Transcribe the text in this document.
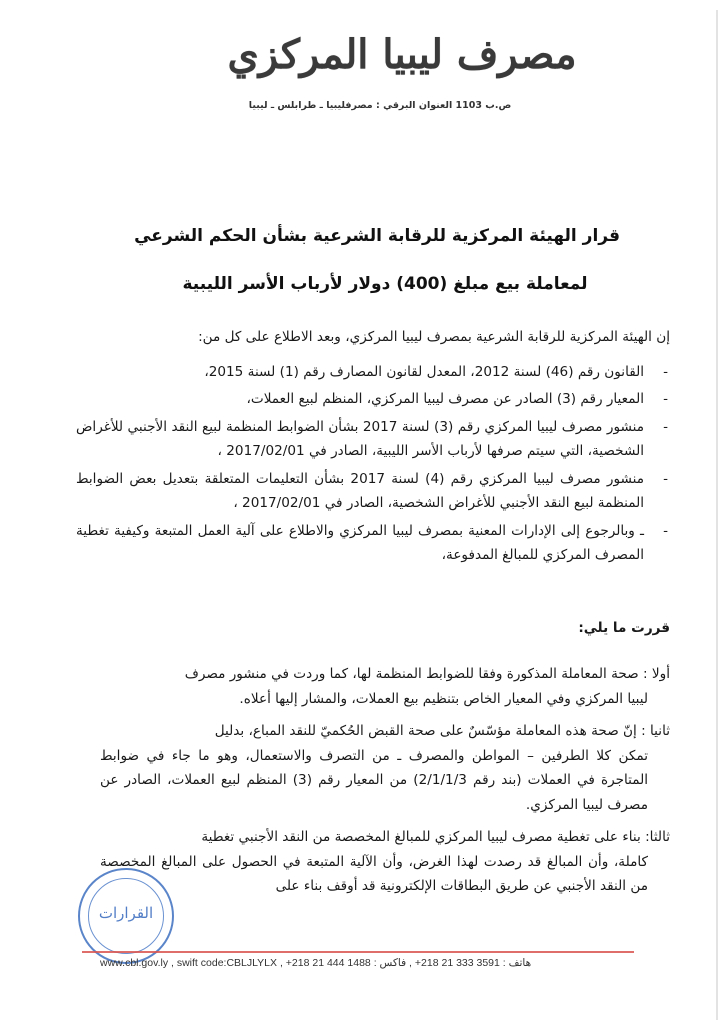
مصرف ليبيا المركزي
ص.ب 1103 العنوان البرقي : مصرفليبيا ـ طرابلس ـ ليبيا
قرار الهيئة المركزية للرقابة الشرعية بشأن الحكم الشرعي
لمعاملة بيع مبلغ (400) دولار لأرباب الأسر الليبية

إن الهيئة المركزية للرقابة الشرعية بمصرف ليبيا المركزي، وبعد الاطلاع على كل من:

-
القانون رقم (46) لسنة 2012، المعدل لقانون المصارف رقم (1) لسنة 2015،
-
المعيار رقم (3) الصادر عن مصرف ليبيا المركزي، المنظم لبيع العملات،
-
منشور مصرف ليبيا المركزي رقم (3) لسنة 2017 بشأن الضوابط المنظمة لبيع النقد الأجنبي للأغراض الشخصية، التي سيتم صرفها لأرباب الأسر الليبية، الصادر في 2017/02/01 ،
-
منشور مصرف ليبيا المركزي رقم (4) لسنة 2017 بشأن التعليمات المتعلقة بتعديل بعض الضوابط المنظمة لبيع النقد الأجنبي للأغراض الشخصية، الصادر في 2017/02/01 ،
-
ـ وبالرجوع إلى الإدارات المعنية بمصرف ليبيا المركزي والاطلاع على آلية العمل المتبعة وكيفية تغطية المصرف المركزي للمبالغ المدفوعة،
قررت ما يلي:
أولا : صحة المعاملة المذكورة وفقا للضوابط المنظمة لها، كما وردت في منشور مصرف
ليبيا المركزي وفي المعيار الخاص بتنظيم بيع العملات، والمشار إليها أعلاه.
ثانيا : إنّ صحة هذه المعاملة مؤسّسٌ على صحة القبض الحُكميّ للنقد المباع، بدليل
تمكن كلا الطرفين – المواطن والمصرف ـ من التصرف والاستعمال، وهو ما جاء في ضوابط المتاجرة في العملات (بند رقم 2/1/1/3) من المعيار رقم (3) المنظم لبيع العملات، الصادر عن مصرف ليبيا المركزي.
ثالثا: بناء على تغطية مصرف ليبيا المركزي للمبالغ المخصصة من النقد الأجنبي تغطية
كاملة، وأن المبالغ قد رصدت لهذا الغرض، وأن الآلية المتبعة في الحصول على المبالغ المخصصة من النقد الأجنبي عن طريق البطاقات الإلكترونية قد أوقف بناء على
القرارات
www.cbl.gov.ly , swift code:CBLJLYLX , +218 21 444 1488 فاكس : , +218 21 333 3591 هاتف :
